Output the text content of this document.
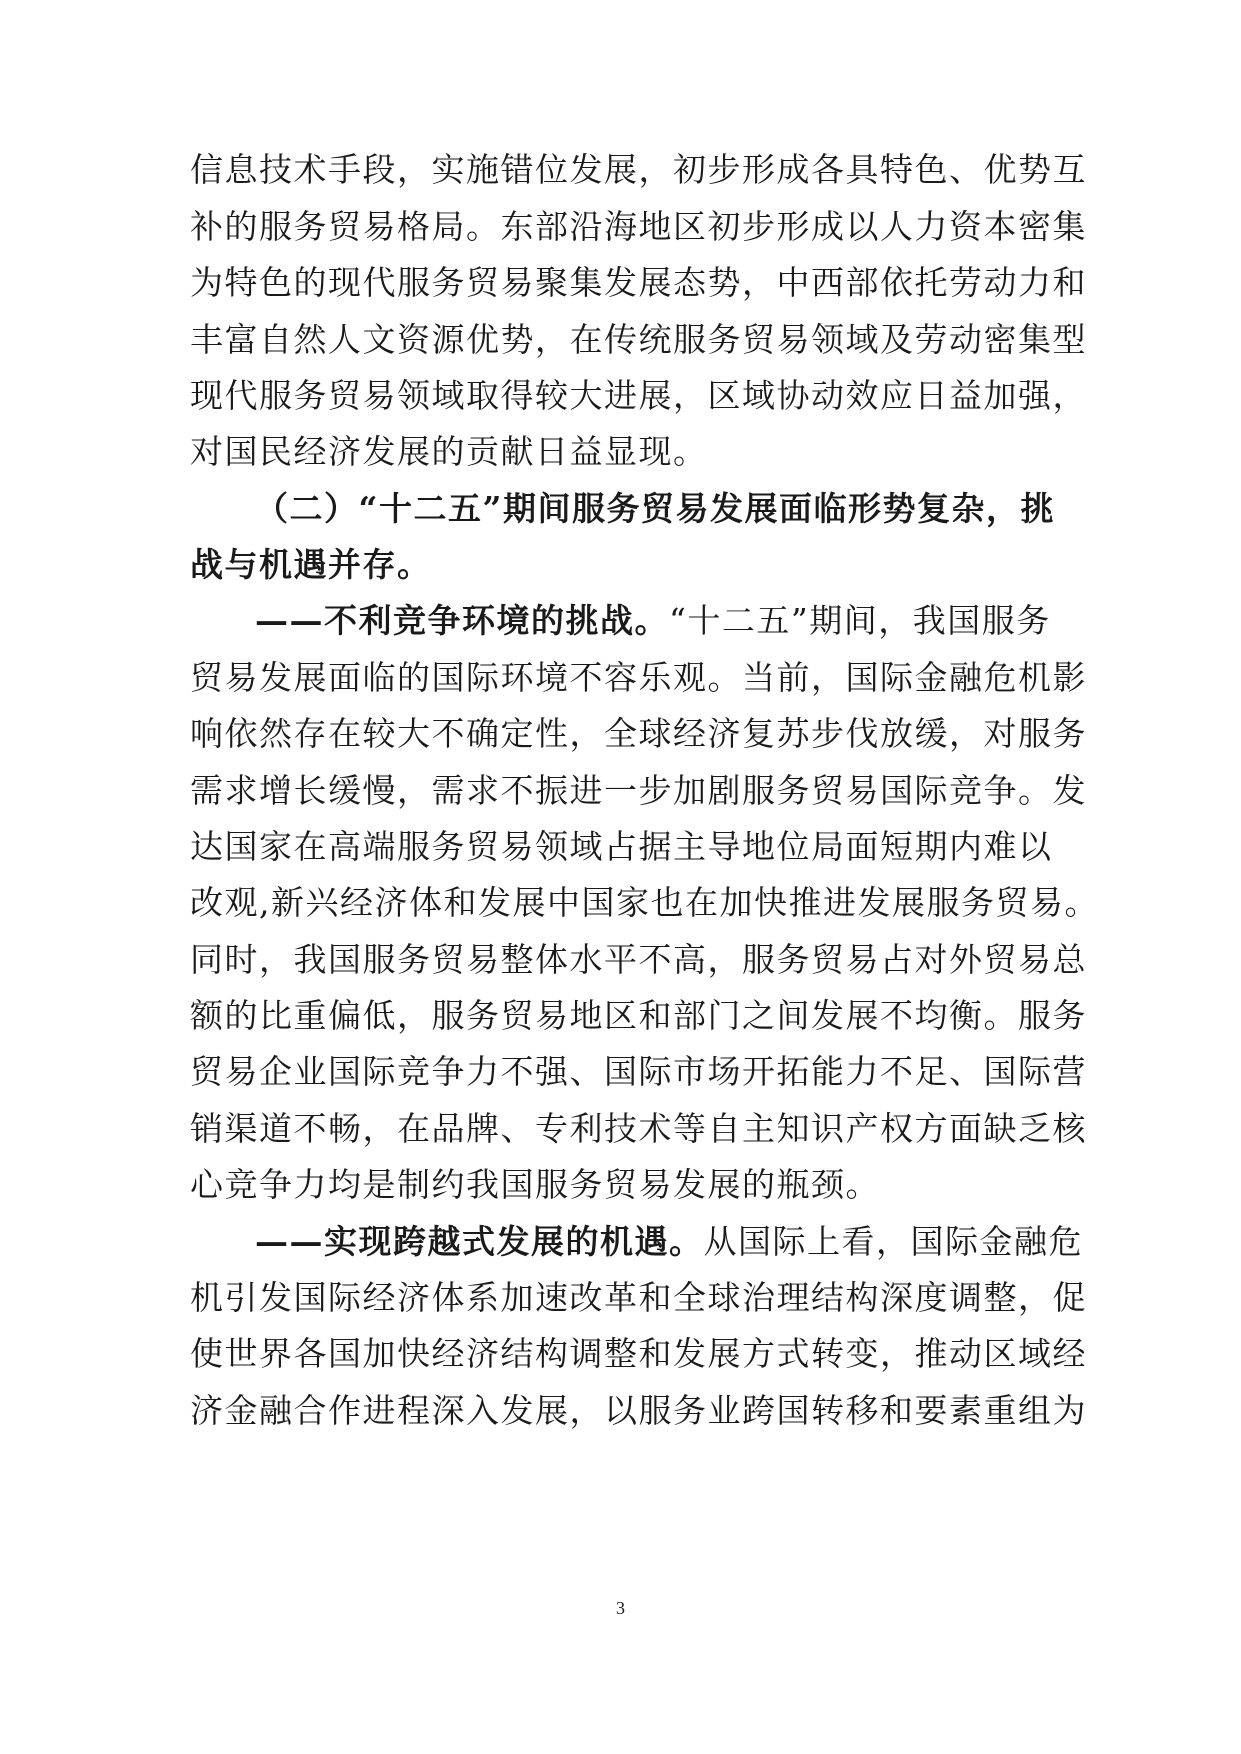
信息技术手段，实施错位发展，初步形成各具特色、优势互
补的服务贸易格局。东部沿海地区初步形成以人力资本密集
为特色的现代服务贸易聚集发展态势，中西部依托劳动力和
丰富自然人文资源优势，在传统服务贸易领域及劳动密集型
现代服务贸易领域取得较大进展，区域协动效应日益加强，
对国民经济发展的贡献日益显现。
（二）“十二五”期间服务贸易发展面临形势复杂，挑
战与机遇并存。
——不利竞争环境的挑战。“十二五”期间，我国服务
贸易发展面临的国际环境不容乐观。当前，国际金融危机影
响依然存在较大不确定性，全球经济复苏步伐放缓，对服务
需求增长缓慢，需求不振进一步加剧服务贸易国际竞争。发
达国家在高端服务贸易领域占据主导地位局面短期内难以
改观,新兴经济体和发展中国家也在加快推进发展服务贸易。
同时，我国服务贸易整体水平不高，服务贸易占对外贸易总
额的比重偏低，服务贸易地区和部门之间发展不均衡。服务
贸易企业国际竞争力不强、国际市场开拓能力不足、国际营
销渠道不畅，在品牌、专利技术等自主知识产权方面缺乏核
心竞争力均是制约我国服务贸易发展的瓶颈。
——实现跨越式发展的机遇。从国际上看，国际金融危
机引发国际经济体系加速改革和全球治理结构深度调整，促
使世界各国加快经济结构调整和发展方式转变，推动区域经
济金融合作进程深入发展，以服务业跨国转移和要素重组为
3
